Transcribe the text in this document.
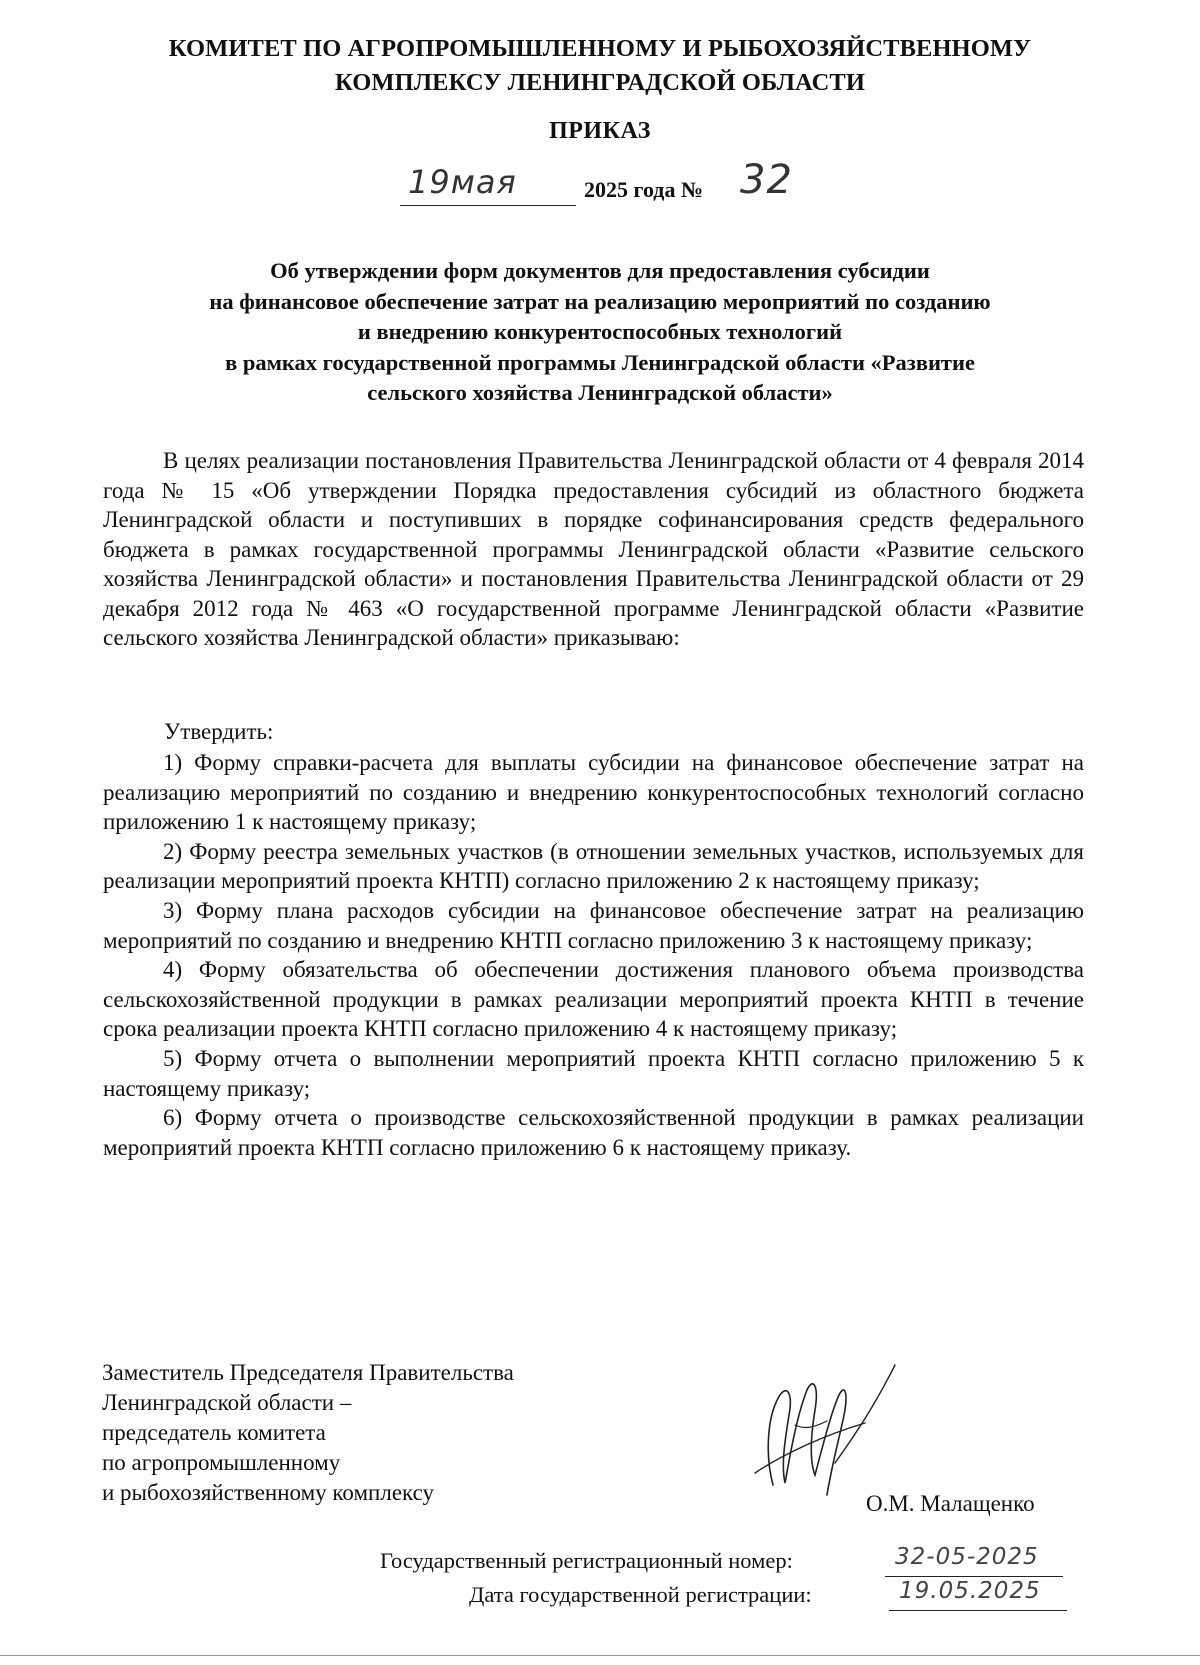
КОМИТЕТ ПО АГРОПРОМЫШЛЕННОМУ И РЫБОХОЗЯЙСТВЕННОМУ
КОМПЛЕКСУ ЛЕНИНГРАДСКОЙ ОБЛАСТИ
ПРИКАЗ
19мая	2025 года № 32
Об утверждении форм документов для предоставления субсидии
на финансовое обеспечение затрат на реализацию мероприятий по созданию
и внедрению конкурентоспособных технологий
в рамках государственной программы Ленинградской области «Развитие
сельского хозяйства Ленинградской области»

В целях реализации постановления Правительства Ленинградской области от 4 февраля 2014 года № 15 «Об утверждении Порядка предоставления субсидий из областного бюджета Ленинградской области и поступивших в порядке софинансирования средств федерального бюджета в рамках государственной программы Ленинградской области «Развитие сельского хозяйства Ленинградской области» и постановления Правительства Ленинградской области от 29 декабря 2012 года № 463 «О государственной программе Ленинградской области «Развитие сельского хозяйства Ленинградской области» приказываю:

Утвердить:

1) Форму справки-расчета для выплаты субсидии на финансовое обеспечение затрат на реализацию мероприятий по созданию и внедрению конкурентоспособных технологий согласно приложению 1 к настоящему приказу;

2) Форму реестра земельных участков (в отношении земельных участков, используемых для реализации мероприятий проекта КНТП) согласно приложению 2 к настоящему приказу;

3) Форму плана расходов субсидии на финансовое обеспечение затрат на реализацию мероприятий по созданию и внедрению КНТП согласно приложению 3 к настоящему приказу;

4) Форму обязательства об обеспечении достижения планового объема производства сельскохозяйственной продукции в рамках реализации мероприятий проекта КНТП в течение срока реализации проекта КНТП согласно приложению 4 к настоящему приказу;

5) Форму отчета о выполнении мероприятий проекта КНТП согласно приложению 5 к настоящему приказу;

6) Форму отчета о производстве сельскохозяйственной продукции в рамках реализации мероприятий проекта КНТП согласно приложению 6 к настоящему приказу.

Заместитель Председателя Правительства
Ленинградской области –
председатель комитета
по агропромышленному
и рыбохозяйственному комплексу	О.М. Малащенко
Государственный регистрационный номер:	32-05-2025
Дата государственной регистрации:	19.05.2025
